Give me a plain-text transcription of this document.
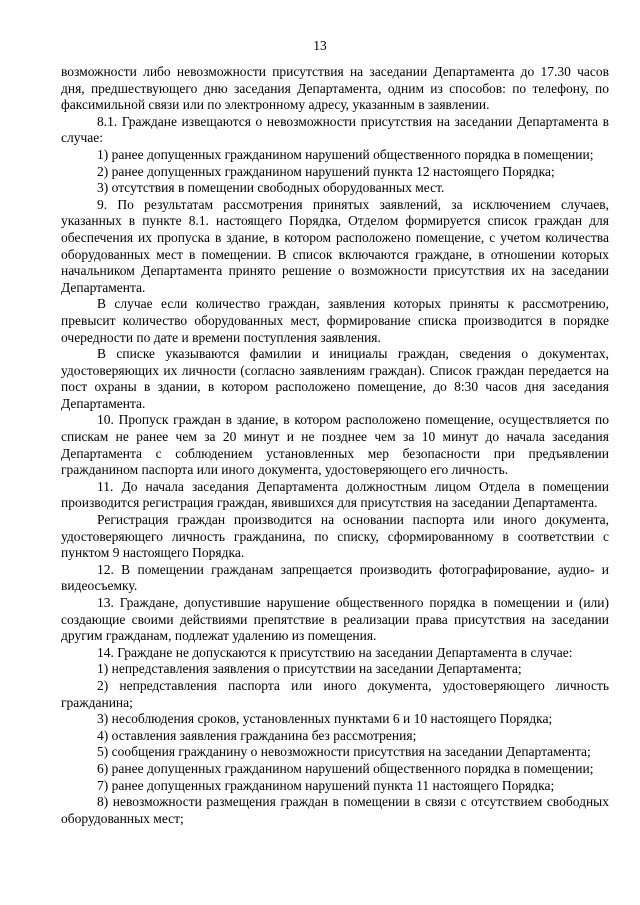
13

возможности либо невозможности присутствия на заседании Департамента до 17.30 часов дня, предшествующего дню заседания Департамента, одним из способов: по телефону, по факсимильной связи или по электронному адресу, указанным в заявлении.

8.1. Граждане извещаются о невозможности присутствия на заседании Департамента в случае:

1) ранее допущенных гражданином нарушений общественного порядка в помещении;

2) ранее допущенных гражданином нарушений пункта 12 настоящего Порядка;

3) отсутствия в помещении свободных оборудованных мест.

9. По результатам рассмотрения принятых заявлений, за исключением случаев, указанных в пункте 8.1. настоящего Порядка, Отделом формируется список граждан для обеспечения их пропуска в здание, в котором расположено помещение, с учетом количества оборудованных мест в помещении. В список включаются граждане, в отношении которых начальником Департамента принято решение о возможности присутствия их на заседании Департамента.

В случае если количество граждан, заявления которых приняты к рассмотрению, превысит количество оборудованных мест, формирование списка производится в порядке очередности по дате и времени поступления заявления.

В списке указываются фамилии и инициалы граждан, сведения о документах, удостоверяющих их личности (согласно заявлениям граждан). Список граждан передается на пост охраны в здании, в котором расположено помещение, до 8:30 часов дня заседания Департамента.

10. Пропуск граждан в здание, в котором расположено помещение, осуществляется по спискам не ранее чем за 20 минут и не позднее чем за 10 минут до начала заседания Департамента с соблюдением установленных мер безопасности при предъявлении гражданином паспорта или иного документа, удостоверяющего его личность.

11. До начала заседания Департамента должностным лицом Отдела в помещении производится регистрация граждан, явившихся для присутствия на заседании Департамента.

Регистрация граждан производится на основании паспорта или иного документа, удостоверяющего личность гражданина, по списку, сформированному в соответствии с пунктом 9 настоящего Порядка.

12. В помещении гражданам запрещается производить фотографирование, аудио- и видеосъемку.

13. Граждане, допустившие нарушение общественного порядка в помещении и (или) создающие своими действиями препятствие в реализации права присутствия на заседании другим гражданам, подлежат удалению из помещения.

14. Граждане не допускаются к присутствию на заседании Департамента в случае:

1) непредставления заявления о присутствии на заседании Департамента;

2) непредставления паспорта или иного документа, удостоверяющего личность гражданина;

3) несоблюдения сроков, установленных пунктами 6 и 10 настоящего Порядка;

4) оставления заявления гражданина без рассмотрения;

5) сообщения гражданину о невозможности присутствия на заседании Департамента;

6) ранее допущенных гражданином нарушений общественного порядка в помещении;

7) ранее допущенных гражданином нарушений пункта 11 настоящего Порядка;

8) невозможности размещения граждан в помещении в связи с отсутствием свободных оборудованных мест;
